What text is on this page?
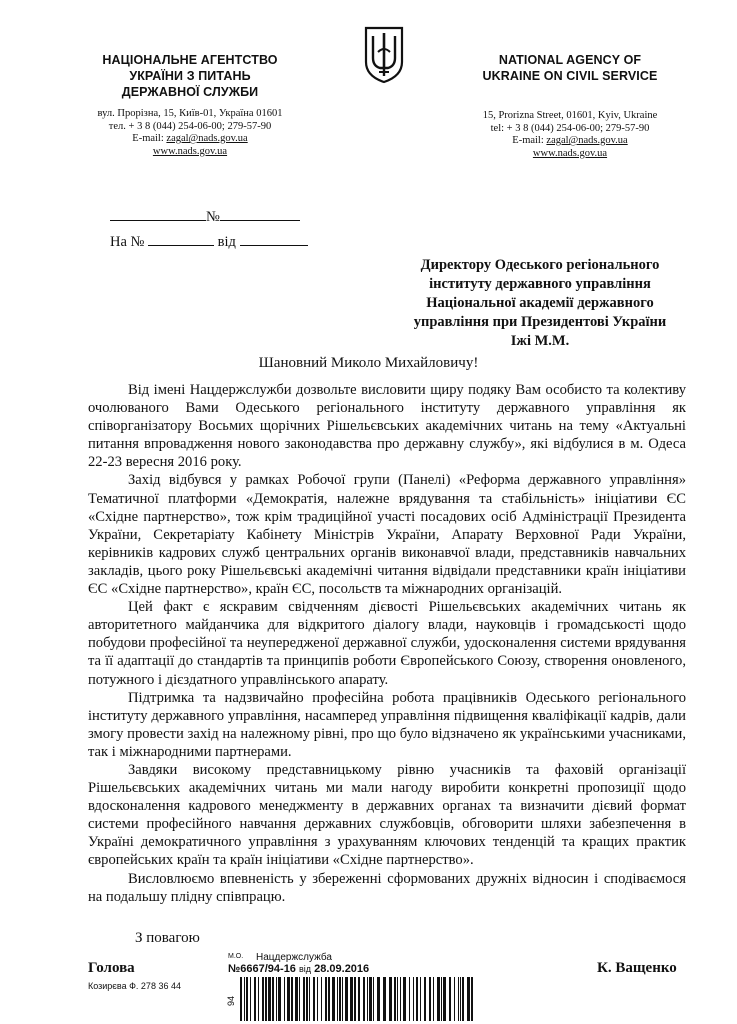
НАЦІОНАЛЬНЕ АГЕНТСТВО
УКРАЇНИ З ПИТАНЬ
ДЕРЖАВНОЇ СЛУЖБИ
вул. Прорізна, 15, Київ-01, Україна 01601
тел. + 3 8 (044) 254-06-00; 279-57-90
E-mail: zagal@nads.gov.ua
www.nads.gov.ua
NATIONAL AGENCY OF
UKRAINE ON CIVIL SERVICE
15, Prorizna Street, 01601, Kyiv, Ukraine
tel: + 3 8 (044) 254-06-00; 279-57-90
E-mail: zagal@nads.gov.ua
www.nads.gov.ua
№
На №	від
Директору Одеського регіонального
інституту державного управління
Національної академії державного
управління при Президентові України
Іжі М.М.
Шановний Миколо Михайловичу!

Від імені Нацдержслужби дозвольте висловити щиру подяку Вам особисто та колективу очолюваного Вами Одеського регіонального інституту державного управління як співорганізатору Восьмих щорічних Рішельєвських академічних читань на тему «Актуальні питання впровадження нового законодавства про державну службу», які відбулися в м. Одеса 22-23 вересня 2016 року.

Захід відбувся у рамках Робочої групи (Панелі) «Реформа державного управління» Тематичної платформи «Демократія, належне врядування та стабільність» ініціативи ЄС «Східне партнерство», тож крім традиційної участі посадових осіб Адміністрації Президента України, Секретаріату Кабінету Міністрів України, Апарату Верховної Ради України, керівників кадрових служб центральних органів виконавчої влади, представників навчальних закладів, цього року Рішельєвські академічні читання відвідали представники країн ініціативи ЄС «Східне партнерство», країн ЄС, посольств та міжнародних організацій.

Цей факт є яскравим свідченням дієвості Рішельєвських академічних читань як авторитетного майданчика для відкритого діалогу влади, науковців і громадськості щодо побудови професійної та неупередженої державної служби, удосконалення системи врядування та її адаптації до стандартів та принципів роботи Європейського Союзу, створення оновленого, потужного і дієздатного управлінського апарату.

Підтримка та надзвичайно професійна робота працівників Одеського регіонального інституту державного управління, насамперед управління підвищення кваліфікації кадрів, дали змогу провести захід на належному рівні, про що було відзначено як українськими учасниками, так і міжнародними партнерами.

Завдяки високому представницькому рівню учасників та фаховій організації Рішельєвських академічних читань ми мали нагоду виробити конкретні пропозиції щодо вдосконалення кадрового менеджменту в державних органах та визначити дієвий формат системи професійного навчання державних службовців, обговорити шляхи забезпечення в Україні демократичного управління з урахуванням ключових тенденцій та кращих практик європейських країн та країн ініціативи «Східне партнерство».

Висловлюємо впевненість у збереженні сформованих дружніх відносин і сподіваємося на подальшу плідну співпрацю.

З повагою
Голова	К. Ващенко
Козирєва Ф. 278 36 44
М.О. Нацдержслужба
№6667/94-16 від 28.09.2016
94
